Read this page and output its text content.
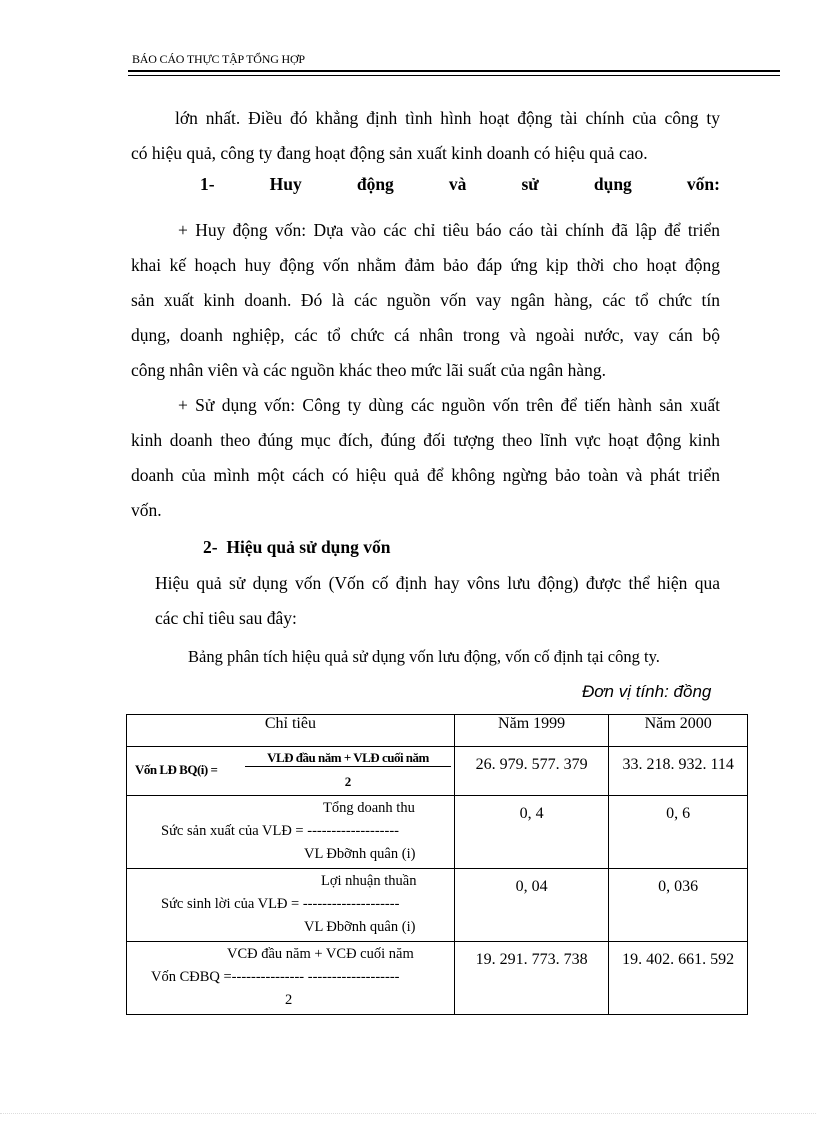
BÁO CÁO THỰC TẬP TỔNG HỢP
lớn nhất. Điều đó khẳng định tình hình hoạt động tài chính của công ty
có hiệu quả, công ty đang hoạt động sản xuất kinh doanh có hiệu quả cao.
1-	Huy	động	và	sử	dụng	vốn:
+ Huy động vốn: Dựa vào các chỉ tiêu báo cáo tài chính đã lập để triển
khai kế hoạch huy động vốn nhằm đảm bảo đáp ứng kịp thời cho hoạt động
sản xuất kinh doanh. Đó là các nguồn vốn vay ngân hàng, các tổ chức tín
dụng, doanh nghiệp, các tổ chức cá nhân trong và ngoài nước, vay cán bộ
công nhân viên và các nguồn khác theo mức lãi suất của ngân hàng.
+ Sử dụng vốn: Công ty dùng các nguồn vốn trên để tiến hành sản xuất
kinh doanh theo đúng mục đích, đúng đối tượng theo lĩnh vực hoạt động kinh
doanh của mình một cách có hiệu quả để không ngừng bảo toàn và phát triển
vốn.
2- Hiệu quả sử dụng vốn
Hiệu quả sử dụng vốn (Vốn cố định hay vôns lưu động) được thể hiện qua
các chỉ tiêu sau đây:
Bảng phân tích hiệu quả sử dụng vốn lưu động, vốn cố định tại công ty.
Đơn vị tính: đồng
Chỉ tiêu	Năm 1999	Năm 2000

Vốn LĐ BQ(i) =
VLĐ đầu năm + VLĐ cuối năm
2	26. 979. 577. 379	33. 218. 932. 114

Tổng doanh thu
Sức sản xuất của VLĐ = -------------------
VL Đbỡnh quân (i)	0, 4	0, 6

Lợi nhuận thuần
Sức sinh lời của VLĐ = --------------------
VL Đbỡnh quân (i)	0, 04	0, 036

VCĐ đầu năm + VCĐ cuối năm
Vốn CĐBQ =--------------- -------------------
2	19. 291. 773. 738	19. 402. 661. 592
